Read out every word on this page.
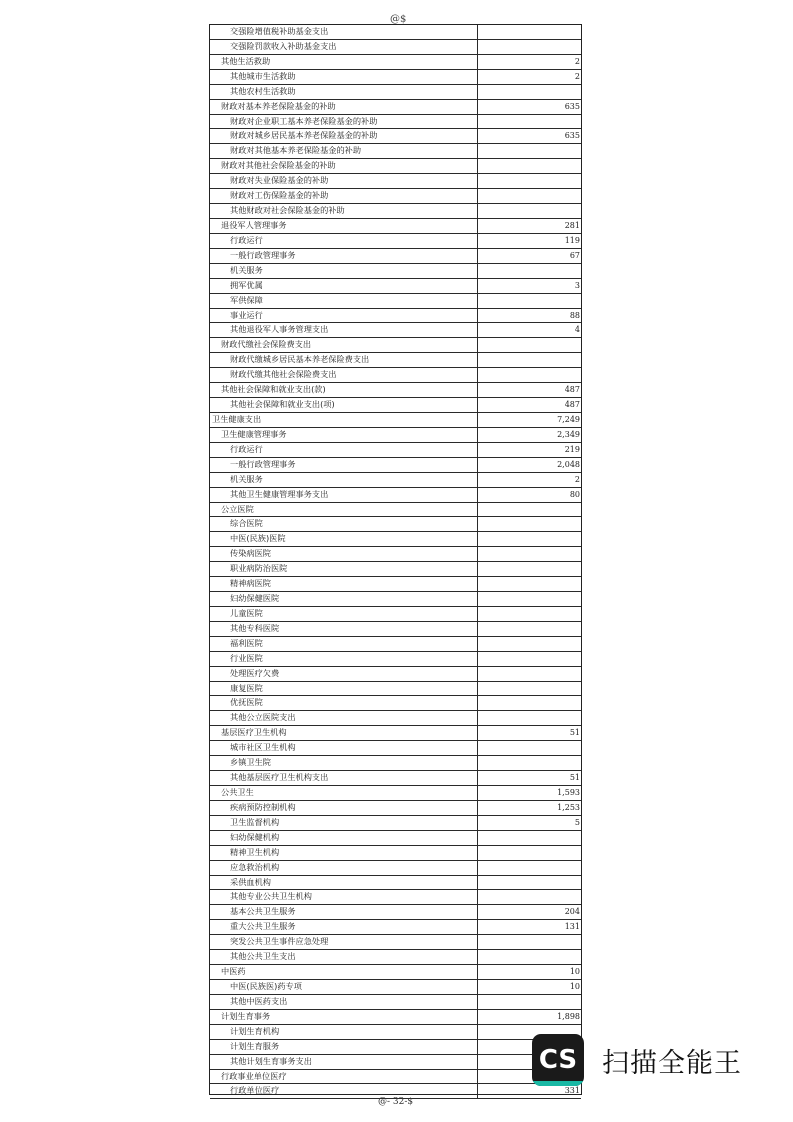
@$
交强险增值税补助基金支出
交强险罚款收入补助基金支出
其他生活救助	2
其他城市生活救助	2
其他农村生活救助
财政对基本养老保险基金的补助	635
财政对企业职工基本养老保险基金的补助
财政对城乡居民基本养老保险基金的补助	635
财政对其他基本养老保险基金的补助
财政对其他社会保险基金的补助
财政对失业保险基金的补助
财政对工伤保险基金的补助
其他财政对社会保险基金的补助
退役军人管理事务	281
行政运行	119
一般行政管理事务	67
机关服务
拥军优属	3
军供保障
事业运行	88
其他退役军人事务管理支出	4
财政代缴社会保险费支出
财政代缴城乡居民基本养老保险费支出
财政代缴其他社会保险费支出
其他社会保障和就业支出(款)	487
其他社会保障和就业支出(项)	487
卫生健康支出	7,249
卫生健康管理事务	2,349
行政运行	219
一般行政管理事务	2,048
机关服务	2
其他卫生健康管理事务支出	80
公立医院
综合医院
中医(民族)医院
传染病医院
职业病防治医院
精神病医院
妇幼保健医院
儿童医院
其他专科医院
福利医院
行业医院
处理医疗欠费
康复医院
优抚医院
其他公立医院支出
基层医疗卫生机构	51
城市社区卫生机构
乡镇卫生院
其他基层医疗卫生机构支出	51
公共卫生	1,593
疾病预防控制机构	1,253
卫生监督机构	5
妇幼保健机构
精神卫生机构
应急救治机构
采供血机构
其他专业公共卫生机构
基本公共卫生服务	204
重大公共卫生服务	131
突发公共卫生事件应急处理
其他公共卫生支出
中医药	10
中医(民族医)药专项	10
其他中医药支出
计划生育事务	1,898
计划生育机构
计划生育服务
其他计划生育事务支出
行政事业单位医疗
行政单位医疗	331
@- 32-$
CS 扫描全能王
